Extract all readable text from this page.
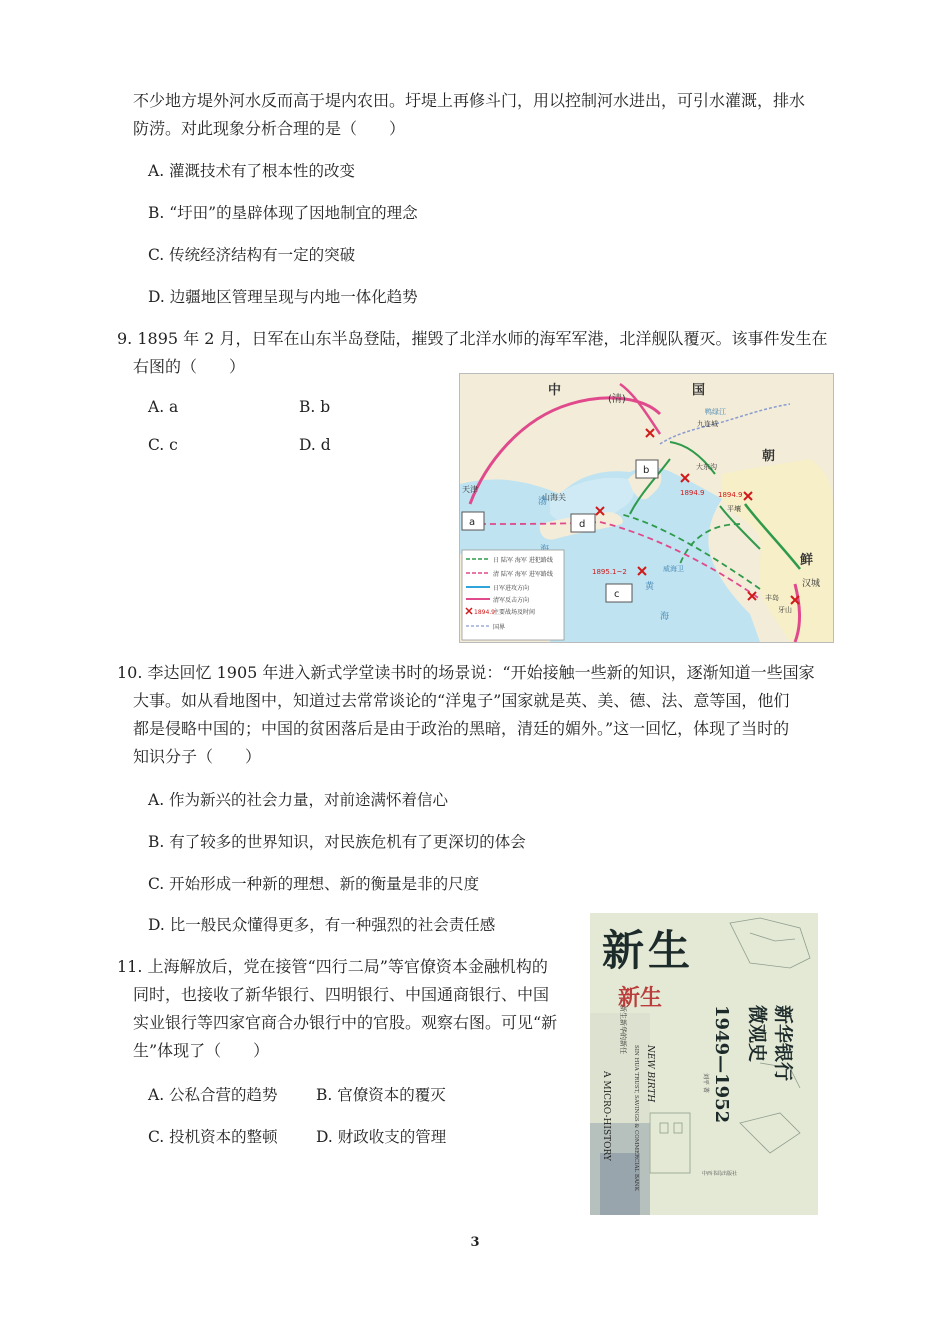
不少地方堤外河水反而高于堤内农田。圩堤上再修斗门，用以控制河水进出，可引水灌溉，排水
防涝。对此现象分析合理的是（　　）
A. 灌溉技术有了根本性的改变
B. “圩田”的垦辟体现了因地制宜的理念
C. 传统经济结构有一定的突破
D. 边疆地区管理呈现与内地一体化趋势
9. 1895 年 2 月，日军在山东半岛登陆，摧毁了北洋水师的海军军港，北洋舰队覆灭。该事件发生在
右图的（　　）
A. a	B. b
C. c	D. d
中	国
(清)
朝
鲜
山海关
天津
渤
黄
海
九连城
大东沟
平壤
汉城
丰岛
牙山
鸭绿江
威海卫
1894.9 1894.9
1895.1~2
a
b
c
d
日 陆军 海军 进犯路线
清 陆军 海军 进军路线
日军进攻方向
清军反击方向
1894.9
主要战场及时间
国界
10. 李达回忆 1905 年进入新式学堂读书时的场景说：“开始接触一些新的知识，逐渐知道一些国家
大事。如从看地图中，知道过去常常谈论的“洋鬼子”国家就是英、美、德、法、意等国，他们
都是侵略中国的；中国的贫困落后是由于政治的黑暗，清廷的媚外。”这一回忆，体现了当时的
知识分子（　　）
A. 作为新兴的社会力量，对前途满怀着信心
B. 有了较多的世界知识，对民族危机有了更深切的体会
C. 开始形成一种新的理想、新的衡量是非的尺度
D. 比一般民众懂得更多，有一种强烈的社会责任感
11. 上海解放后，党在接管“四行二局”等官僚资本金融机构的
同时，也接收了新华银行、四明银行、中国通商银行、中国
实业银行等四家官商合办银行中的官股。观察右图。可见“新
生”体现了（　　）
A. 公私合营的趋势 B. 官僚资本的覆灭
C. 投机资本的整顿 D. 财政收支的管理
新生
新华银行
微观史
1949—1952
新生新华的新任
NEW BIRTH
SIN HUA TRUST, SAVINGS & COMMERCIAL BANK
A MICRO-HISTORY
新生
刘平 著
中西书局出版社
3
